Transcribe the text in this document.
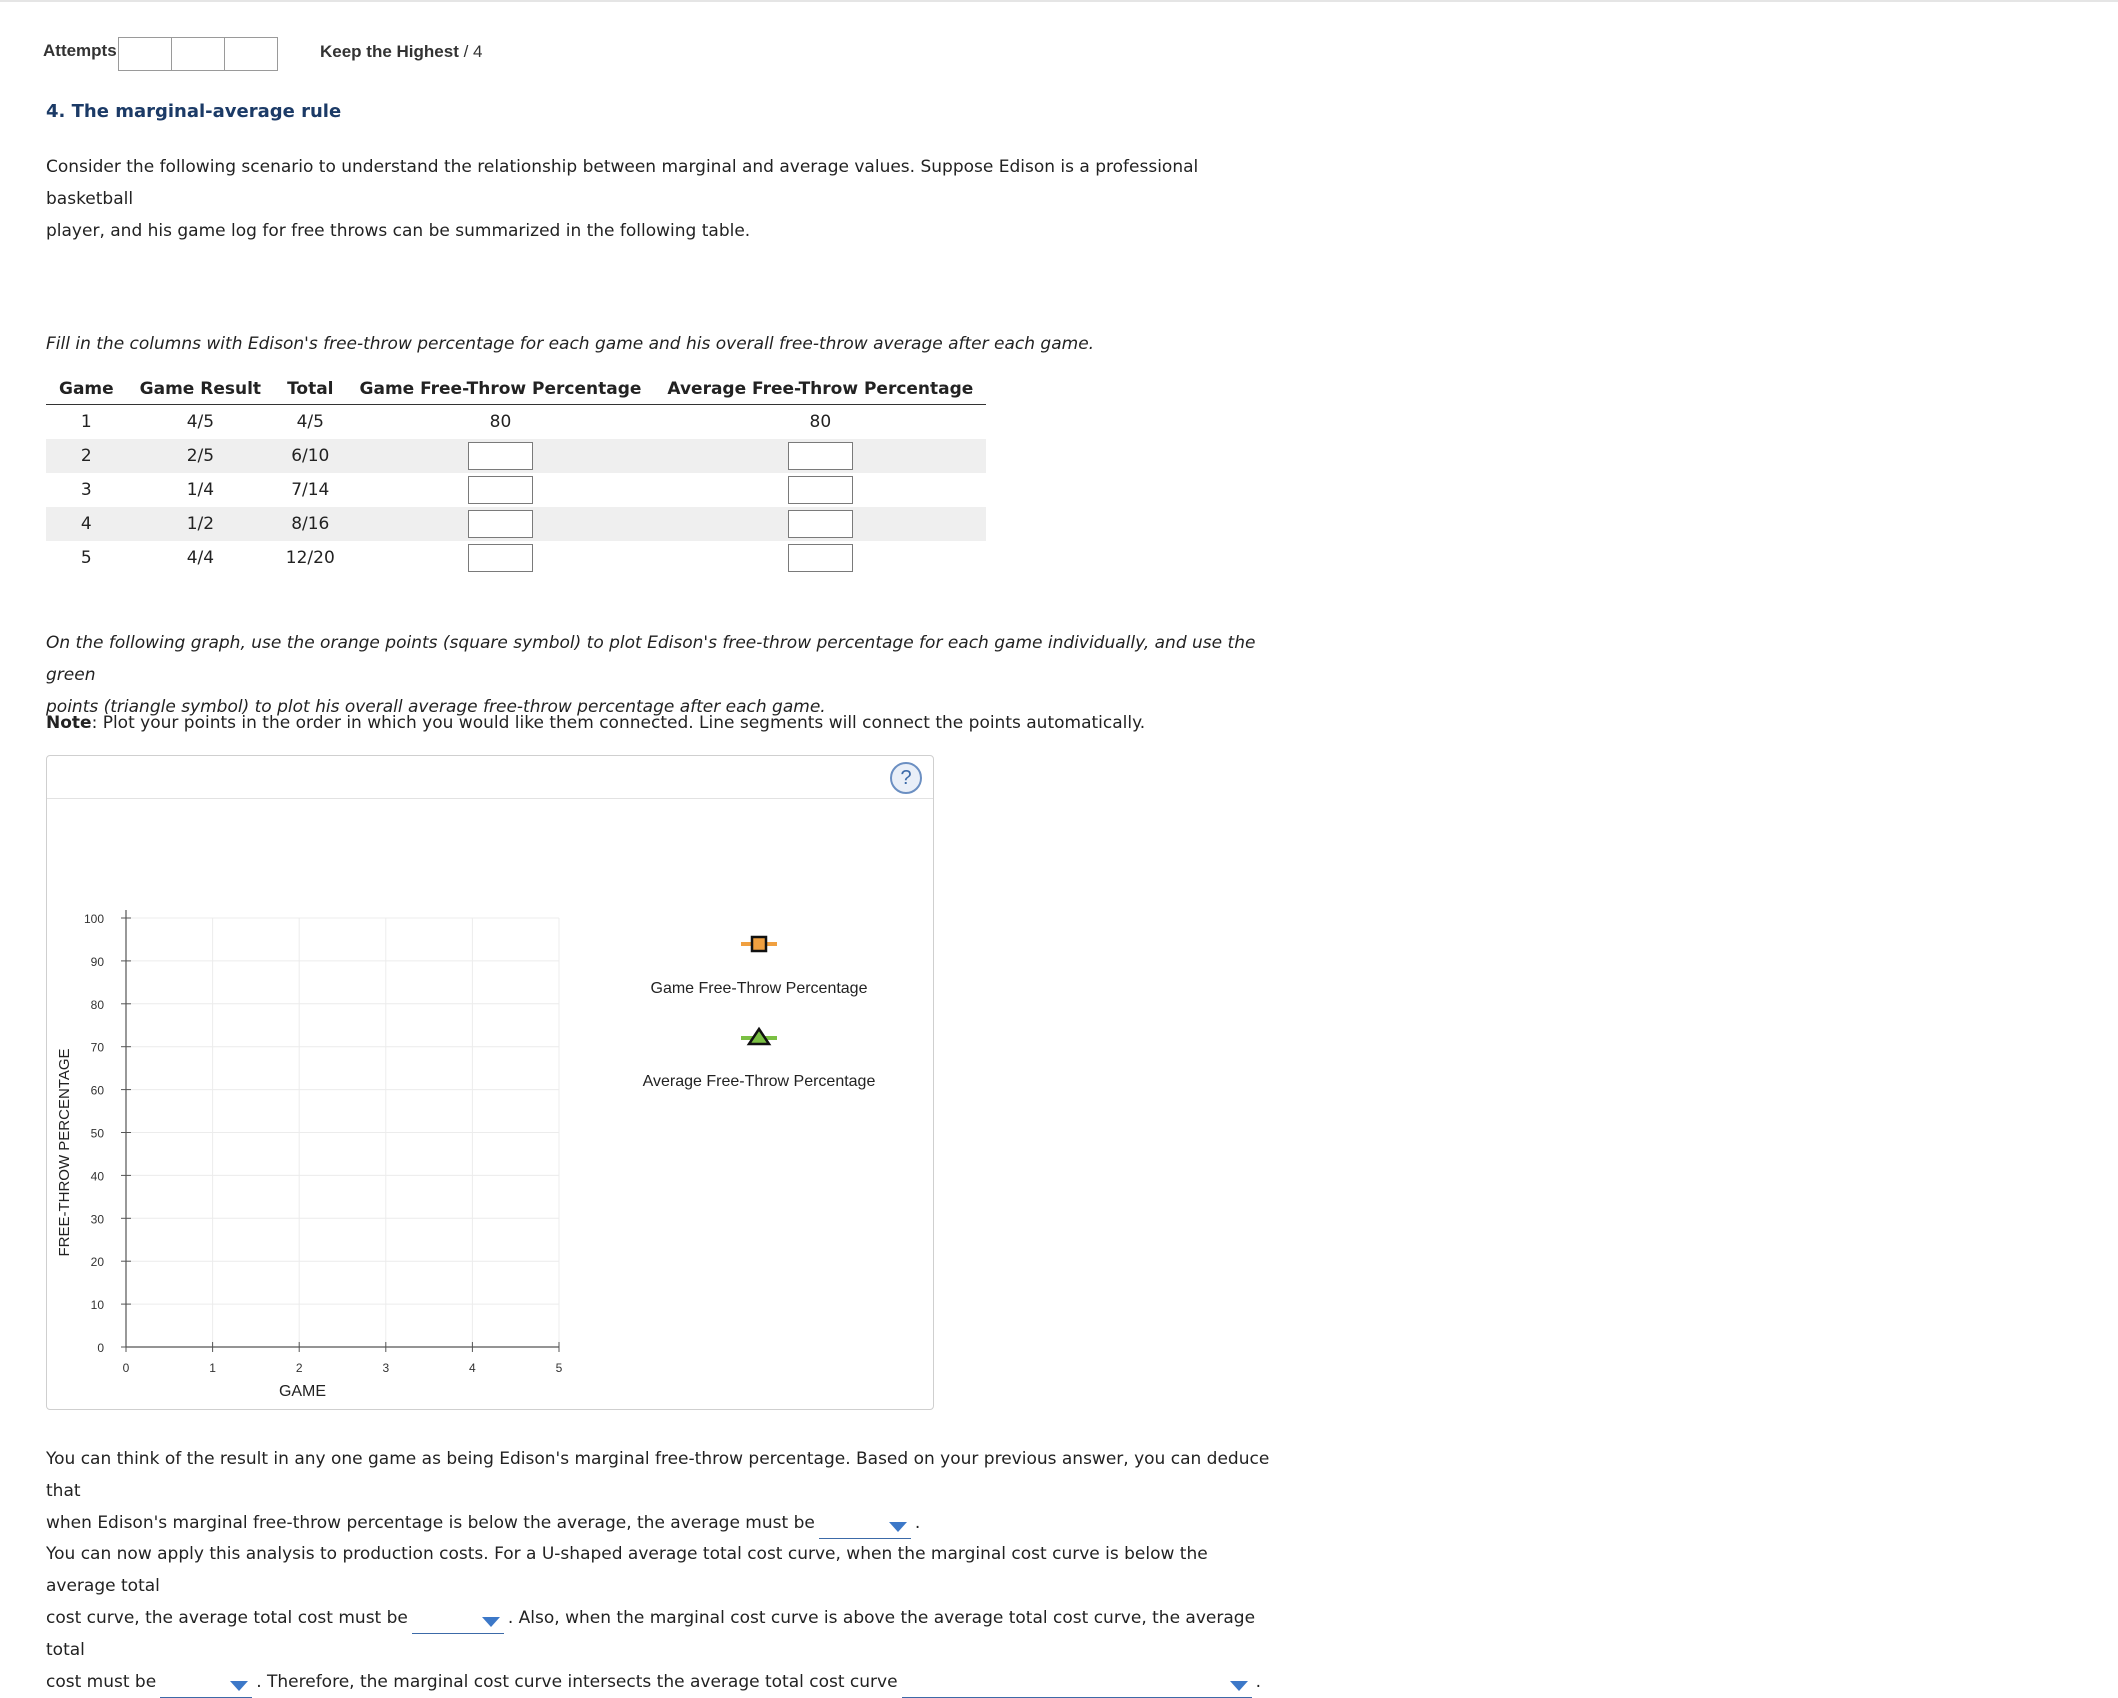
Attempts	Keep the Highest / 4
4. The marginal-average rule
Consider the following scenario to understand the relationship between marginal and average values. Suppose Edison is a professional basketball
player, and his game log for free throws can be summarized in the following table.
Fill in the columns with Edison's free-throw percentage for each game and his overall free-throw average after each game.
Game	Game Result	Total	Game Free-Throw Percentage	Average Free-Throw Percentage
1	4/5	4/5	80	80
2	2/5	6/10		
3	1/4	7/14		
4	1/2	8/16		
5	4/4	12/20		
On the following graph, use the orange points (square symbol) to plot Edison's free-throw percentage for each game individually, and use the green
points (triangle symbol) to plot his overall average free-throw percentage after each game.
Note: Plot your points in the order in which you would like them connected. Line segments will connect the points automatically.
?
0
10
20
30
40
50
60
70
80
90
100
0	1	2	3	4	5
FREE-THROW PERCENTAGE
GAME
Game Free-Throw Percentage
Average Free-Throw Percentage
You can think of the result in any one game as being Edison's marginal free-throw percentage. Based on your previous answer, you can deduce that
when Edison's marginal free-throw percentage is below the average, the average must be	.
You can now apply this analysis to production costs. For a U-shaped average total cost curve, when the marginal cost curve is below the average total
cost curve, the average total cost must be	. Also, when the marginal cost curve is above the average total cost curve, the average total
cost must be	. Therefore, the marginal cost curve intersects the average total cost curve	.
